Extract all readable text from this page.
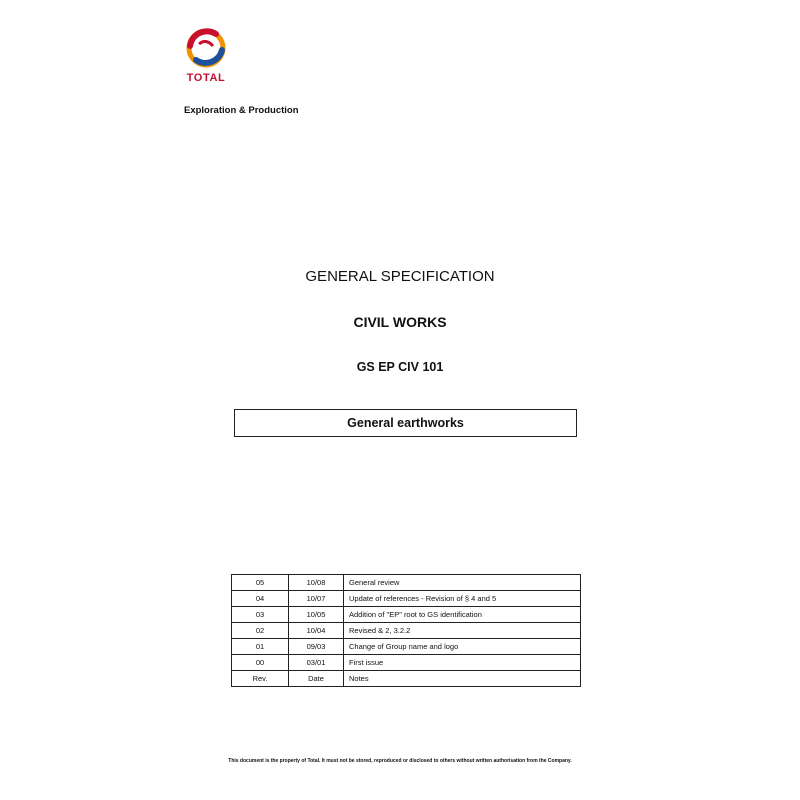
TOTAL
Exploration & Production
GENERAL SPECIFICATION
CIVIL WORKS
GS EP CIV 101
General earthworks
05	10/08	General review
04	10/07	Update of references - Revision of § 4 and 5
03	10/05	Addition of "EP" root to GS identification
02	10/04	Revised & 2, 3.2.2
01	09/03	Change of Group name and logo
00	03/01	First issue
Rev.	Date	Notes
This document is the property of Total. It must not be stored, reproduced or disclosed to others without written authorisation from the Company.
